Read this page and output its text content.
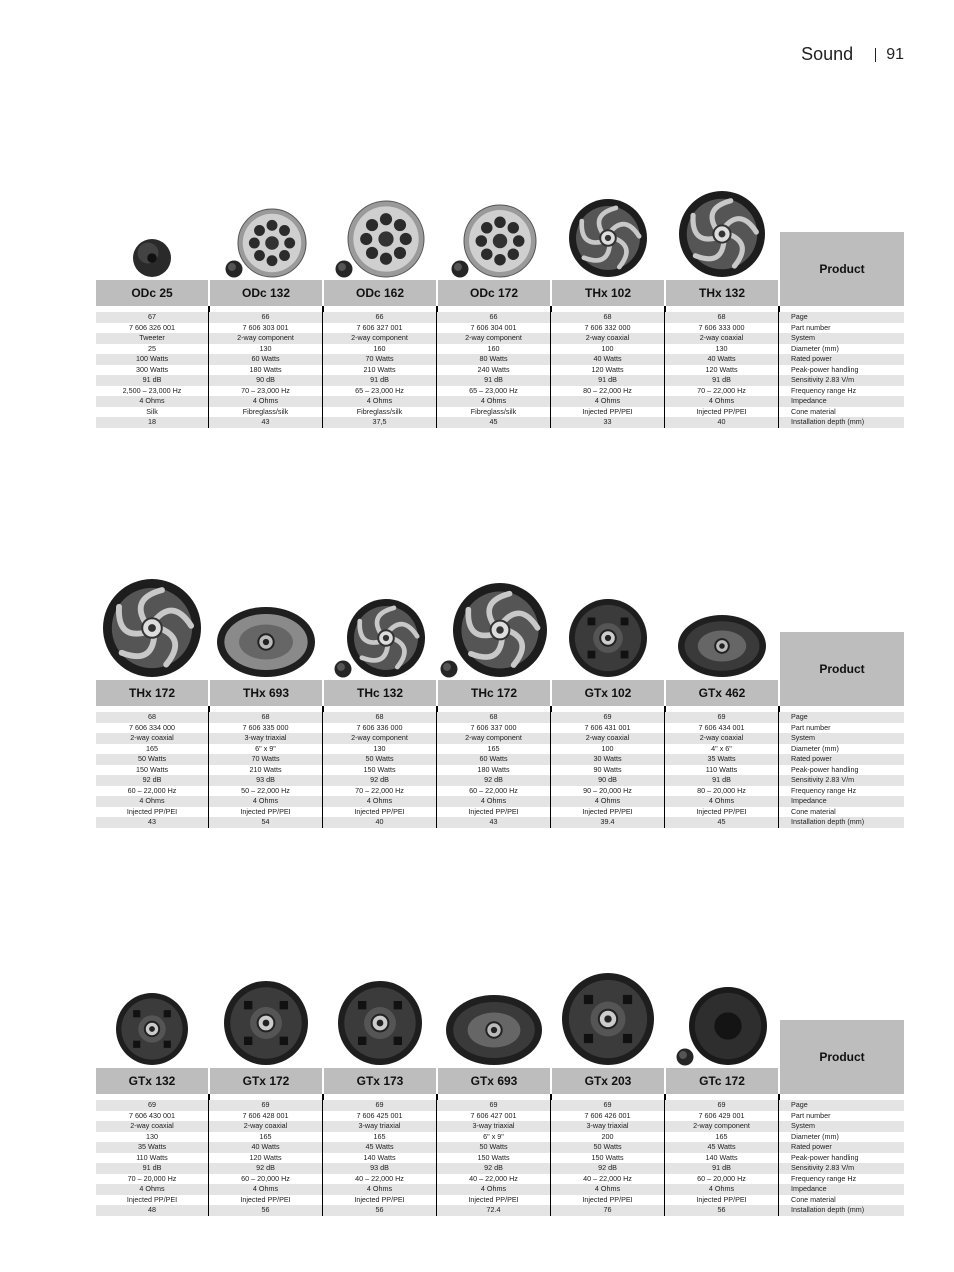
Sound 91
ODc 25	ODc 132	ODc 162	ODc 172	THx 102	THx 132
Product
67	66	66	66	68	68	Page
7 606 326 001	7 606 303 001	7 606 327 001	7 606 304 001	7 606 332 000	7 606 333 000	Part number
Tweeter	2-way component	2-way component	2-way component	2-way coaxial	2-way coaxial	System
25	130	160	160	100	130	Diameter (mm)
100 Watts	60 Watts	70 Watts	80 Watts	40 Watts	40 Watts	Rated power
300 Watts	180 Watts	210 Watts	240 Watts	120 Watts	120 Watts	Peak-power handling
91 dB	90 dB	91 dB	91 dB	91 dB	91 dB	Sensitivity 2.83 V/m
2,500 – 23,000 Hz	70 – 23,000 Hz	65 – 23,000 Hz	65 – 23,000 Hz	80 – 22,000 Hz	70 – 22,000 Hz	Frequency range Hz
4 Ohms	4 Ohms	4 Ohms	4 Ohms	4 Ohms	4 Ohms	Impedance
Silk	Fibreglass/silk	Fibreglass/silk	Fibreglass/silk	Injected PP/PEI	Injected PP/PEI	Cone material
18	43	37,5	45	33	40	Installation depth (mm)
THx 172	THx 693	THc 132	THc 172	GTx 102	GTx 462
Product
68	68	68	68	69	69	Page
7 606 334 000	7 606 335 000	7 606 336 000	7 606 337 000	7 606 431 001	7 606 434 001	Part number
2-way coaxial	3-way triaxial	2-way component	2-way component	2-way coaxial	2-way coaxial	System
165	6" x 9"	130	165	100	4" x 6"	Diameter (mm)
50 Watts	70 Watts	50 Watts	60 Watts	30 Watts	35 Watts	Rated power
150 Watts	210 Watts	150 Watts	180 Watts	90 Watts	110 Watts	Peak-power handling
92 dB	93 dB	92 dB	92 dB	90 dB	91 dB	Sensitivity 2.83 V/m
60 – 22,000 Hz	50 – 22,000 Hz	70 – 22,000 Hz	60 – 22,000 Hz	90 – 20,000 Hz	80 – 20,000 Hz	Frequency range Hz
4 Ohms	4 Ohms	4 Ohms	4 Ohms	4 Ohms	4 Ohms	Impedance
Injected PP/PEI	Injected PP/PEI	Injected PP/PEI	Injected PP/PEI	Injected PP/PEI	Injected PP/PEI	Cone material
43	54	40	43	39.4	45	Installation depth (mm)
GTx 132	GTx 172	GTx 173	GTx 693	GTx 203	GTc 172
Product
69	69	69	69	69	69	Page
7 606 430 001	7 606 428 001	7 606 425 001	7 606 427 001	7 606 426 001	7 606 429 001	Part number
2-way coaxial	2-way coaxial	3-way triaxial	3-way triaxial	3-way triaxial	2-way component	System
130	165	165	6" x 9"	200	165	Diameter (mm)
35 Watts	40 Watts	45 Watts	50 Watts	50 Watts	45 Watts	Rated power
110 Watts	120 Watts	140 Watts	150 Watts	150 Watts	140 Watts	Peak-power handling
91 dB	92 dB	93 dB	92 dB	92 dB	91 dB	Sensitivity 2.83 V/m
70 – 20,000 Hz	60 – 20,000 Hz	40 – 22,000 Hz	40 – 22,000 Hz	40 – 22,000 Hz	60 – 20,000 Hz	Frequency range Hz
4 Ohms	4 Ohms	4 Ohms	4 Ohms	4 Ohms	4 Ohms	Impedance
Injected PP/PEI	Injected PP/PEI	Injected PP/PEI	Injected PP/PEI	Injected PP/PEI	Injected PP/PEI	Cone material
48	56	56	72.4	76	56	Installation depth (mm)
